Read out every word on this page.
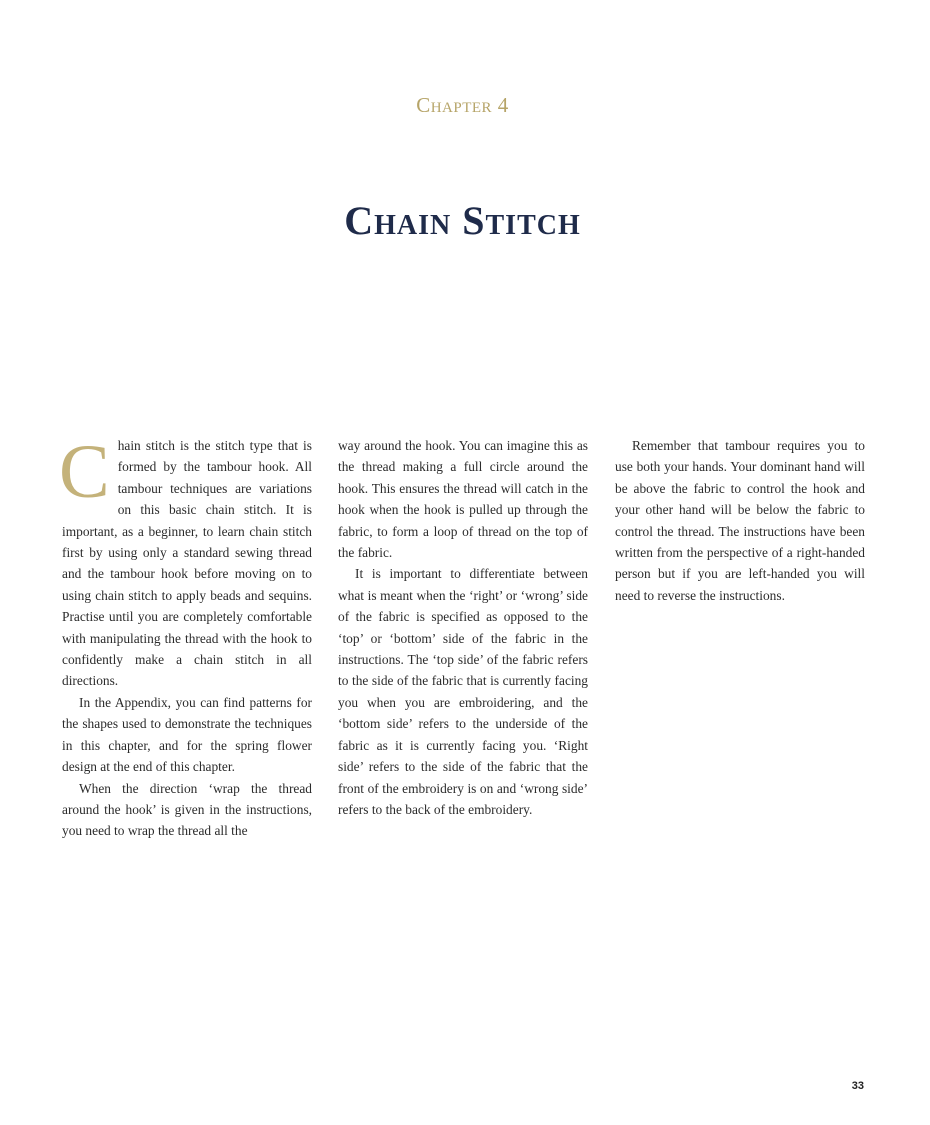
Chapter 4
Chain Stitch

Chain stitch is the stitch type that is formed by the tambour hook. All tambour techniques are variations on this basic chain stitch. It is important, as a beginner, to learn chain stitch first by using only a standard sewing thread and the tambour hook before moving on to using chain stitch to apply beads and sequins. Practise until you are completely comfortable with manipulating the thread with the hook to confidently make a chain stitch in all directions.

In the Appendix, you can find patterns for the shapes used to demonstrate the techniques in this chapter, and for the spring flower design at the end of this chapter.

When the direction ‘wrap the thread around the hook’ is given in the instructions, you need to wrap the thread all the

way around the hook. You can imagine this as the thread making a full circle around the hook. This ensures the thread will catch in the hook when the hook is pulled up through the fabric, to form a loop of thread on the top of the fabric.

It is important to differentiate between what is meant when the ‘right’ or ‘wrong’ side of the fabric is specified as opposed to the ‘top’ or ‘bottom’ side of the fabric in the instructions. The ‘top side’ of the fabric refers to the side of the fabric that is currently facing you when you are embroidering, and the ‘bottom side’ refers to the underside of the fabric as it is currently facing you. ‘Right side’ refers to the side of the fabric that the front of the embroidery is on and ‘wrong side’ refers to the back of the embroidery.

Remember that tambour requires you to use both your hands. Your dominant hand will be above the fabric to control the hook and your other hand will be below the fabric to control the thread. The instructions have been written from the perspective of a right-handed person but if you are left-handed you will need to reverse the instructions.

33
